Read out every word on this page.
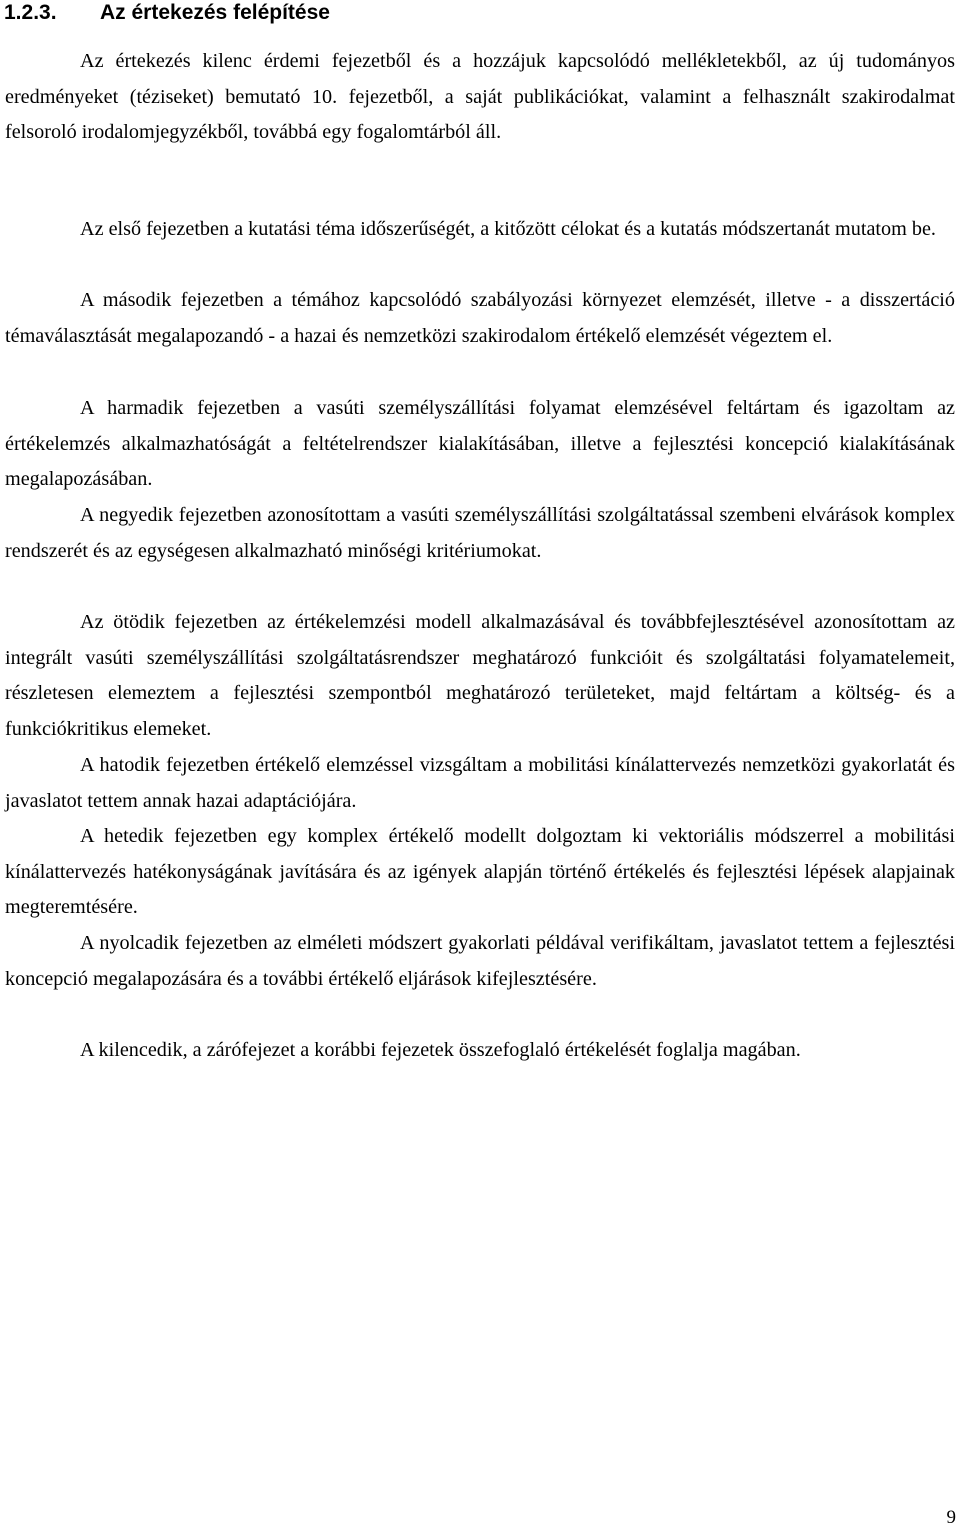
1.2.3. Az értekezés felépítése

Az értekezés kilenc érdemi fejezetből és a hozzájuk kapcsolódó mellékletekből, az új tudományos eredményeket (téziseket) bemutató 10. fejezetből, a saját publikációkat, valamint a felhasznált szakirodalmat felsoroló irodalomjegyzékből, továbbá egy fogalomtárból áll.

Az első fejezetben a kutatási téma időszerűségét, a kitőzött célokat és a kutatás módszertanát mutatom be.

A második fejezetben a témához kapcsolódó szabályozási környezet elemzését, illetve - a disszertáció témaválasztását megalapozandó - a hazai és nemzetközi szakirodalom értékelő elemzését végeztem el.

A harmadik fejezetben a vasúti személyszállítási folyamat elemzésével feltártam és igazoltam az értékelemzés alkalmazhatóságát a feltételrendszer kialakításában, illetve a fejlesztési koncepció kialakításának megalapozásában.

A negyedik fejezetben azonosítottam a vasúti személyszállítási szolgáltatással szembeni elvárások komplex rendszerét és az egységesen alkalmazható minőségi kritériumokat.

Az ötödik fejezetben az értékelemzési modell alkalmazásával és továbbfejlesztésével azonosítottam az integrált vasúti személyszállítási szolgáltatásrendszer meghatározó funkcióit és szolgáltatási folyamatelemeit, részletesen elemeztem a fejlesztési szempontból meghatározó területeket, majd feltártam a költség- és a funkciókritikus elemeket.

A hatodik fejezetben értékelő elemzéssel vizsgáltam a mobilitási kínálattervezés nemzetközi gyakorlatát és javaslatot tettem annak hazai adaptációjára.

A hetedik fejezetben egy komplex értékelő modellt dolgoztam ki vektoriális módszerrel a mobilitási kínálattervezés hatékonyságának javítására és az igények alapján történő értékelés és fejlesztési lépések alapjainak megteremtésére.

A nyolcadik fejezetben az elméleti módszert gyakorlati példával verifikáltam, javaslatot tettem a fejlesztési koncepció megalapozására és a további értékelő eljárások kifejlesztésére.

A kilencedik, a zárófejezet a korábbi fejezetek összefoglaló értékelését foglalja magában.

9
